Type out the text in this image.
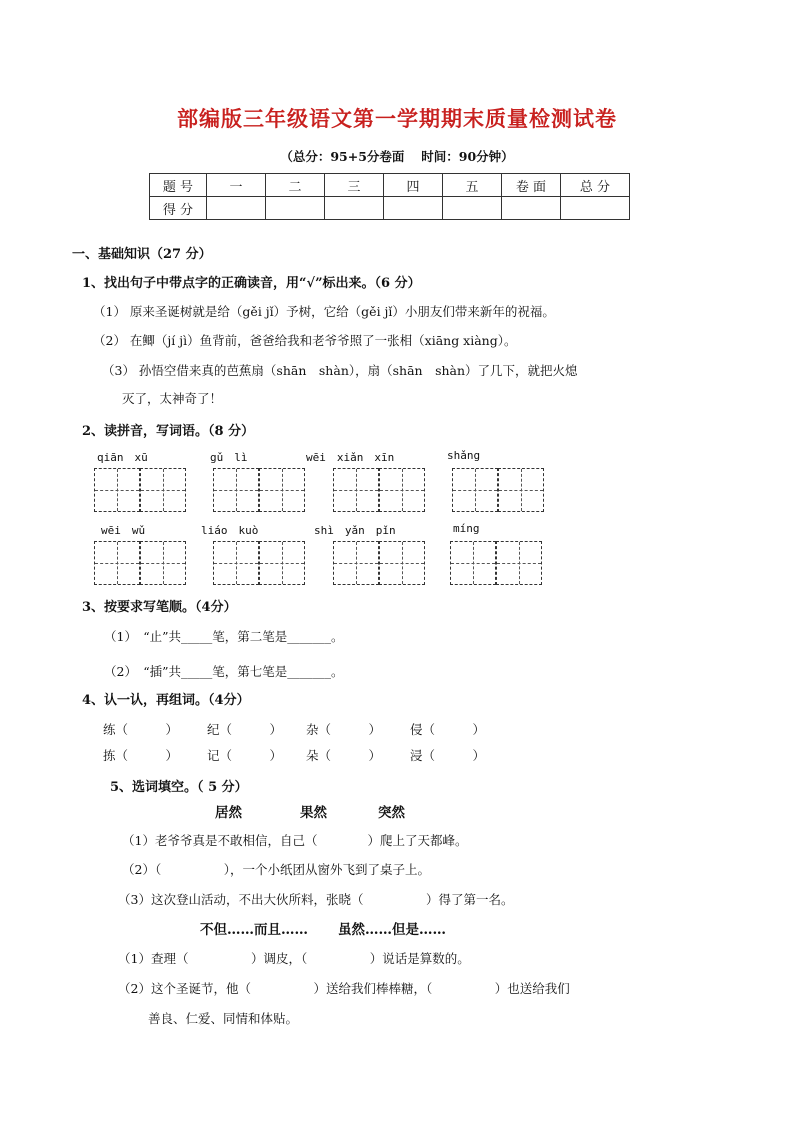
部编版三年级语文第一学期期末质量检测试卷
（总分：95+5分卷面　 时间：90分钟）
题 号	一	二	三	四	五	卷 面	总 分
得 分							
一、基础知识（27 分）
1、找出句子中带点字的正确读音，用“√”标出来。（6 分）
（1） 原来圣诞树就是给（gěi jǐ）予树，它给（gěi jǐ）小朋友们带来新年的祝福。
（2） 在鲫（jí jì）鱼背前，爸爸给我和老爷爷照了一张相（xiāng xiàng）。
（3） 孙悟空借来真的芭蕉扇（shān　shàn），扇（shān　shàn）了几下，就把火熄
灭了，太神奇了！
2、读拼音，写词语。（8 分）
qiān　xū	gǔ　lì	wēi　xiǎn　xīn	shǎng
wēi　wǔ	liáo　kuò	shì　yǎn　pǐn	míng
3、按要求写笔顺。（4分）
（1）　“止”共_____笔，第二笔是_______。
（2）　“插”共_____笔，第七笔是_______。
4、认一认，再组词。（4分）
练（　　　） 纪（　　　） 杂（　　　） 侵（　　　）
拣（　　　） 记（　　　） 朵（　　　） 浸（　　　）
5、选词填空。（ 5 分）
居然	果然	突然
（1）老爷爷真是不敢相信，自己（　　　　）爬上了天都峰。
（2）（　　　　　），一个小纸团从窗外飞到了桌子上。
（3）这次登山活动，不出大伙所料，张晓（　　　　　）得了第一名。
不但……而且…… 虽然……但是……
（1）查理（　　　　　）调皮，（　　　　　）说话是算数的。
（2）这个圣诞节，他（　　　　　）送给我们棒棒糖，（　　　　　）也送给我们
善良、仁爱、同情和体贴。
